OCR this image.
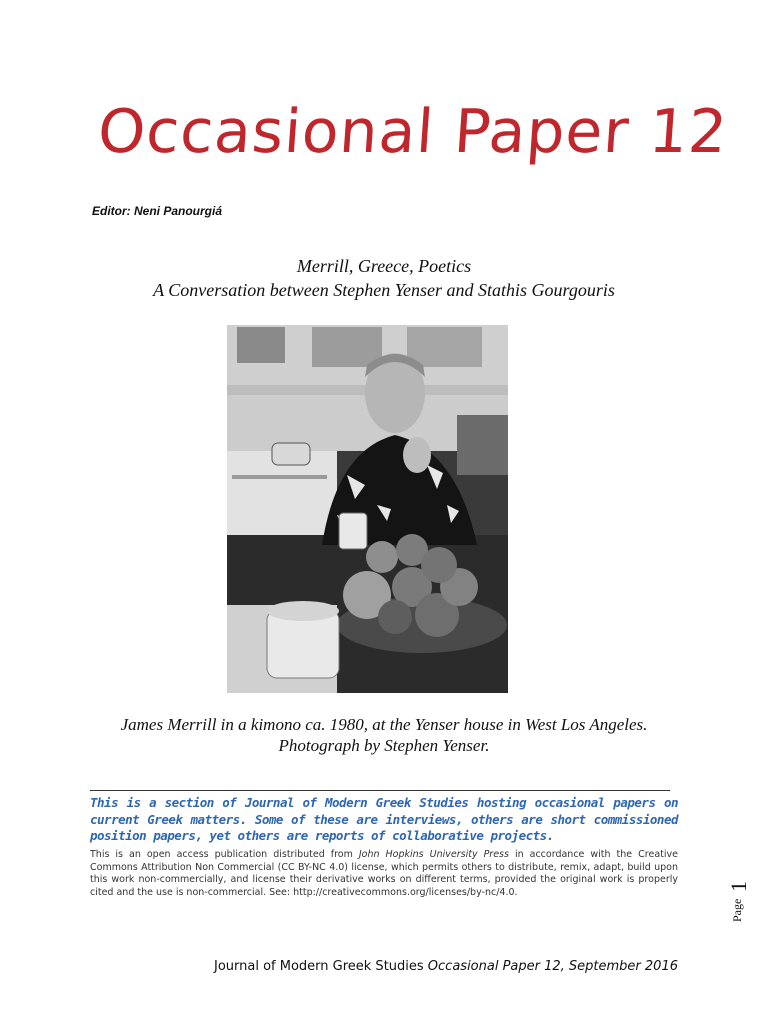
Occasional Paper 12
Editor: Neni Panourgiá
Merrill, Greece, Poetics
A Conversation between Stephen Yenser and Stathis Gourgouris
James Merrill in a kimono ca. 1980, at the Yenser house in West Los Angeles.
Photograph by Stephen Yenser.
This is a section of Journal of Modern Greek Studies hosting occasional papers on current Greek matters. Some of these are interviews, others are short commissioned position papers, yet others are reports of collaborative projects.
This is an open access publication distributed from John Hopkins University Press in accordance with the Creative Commons Attribution Non Commercial (CC BY-NC 4.0) license, which permits others to distribute, remix, adapt, build upon this work non-commercially, and license their derivative works on different terms, provided the original work is properly cited and the use is non-commercial. See: http://creativecommons.org/licenses/by-nc/4.0.
Page
1
Journal of Modern Greek Studies Occasional Paper 12, September 2016
